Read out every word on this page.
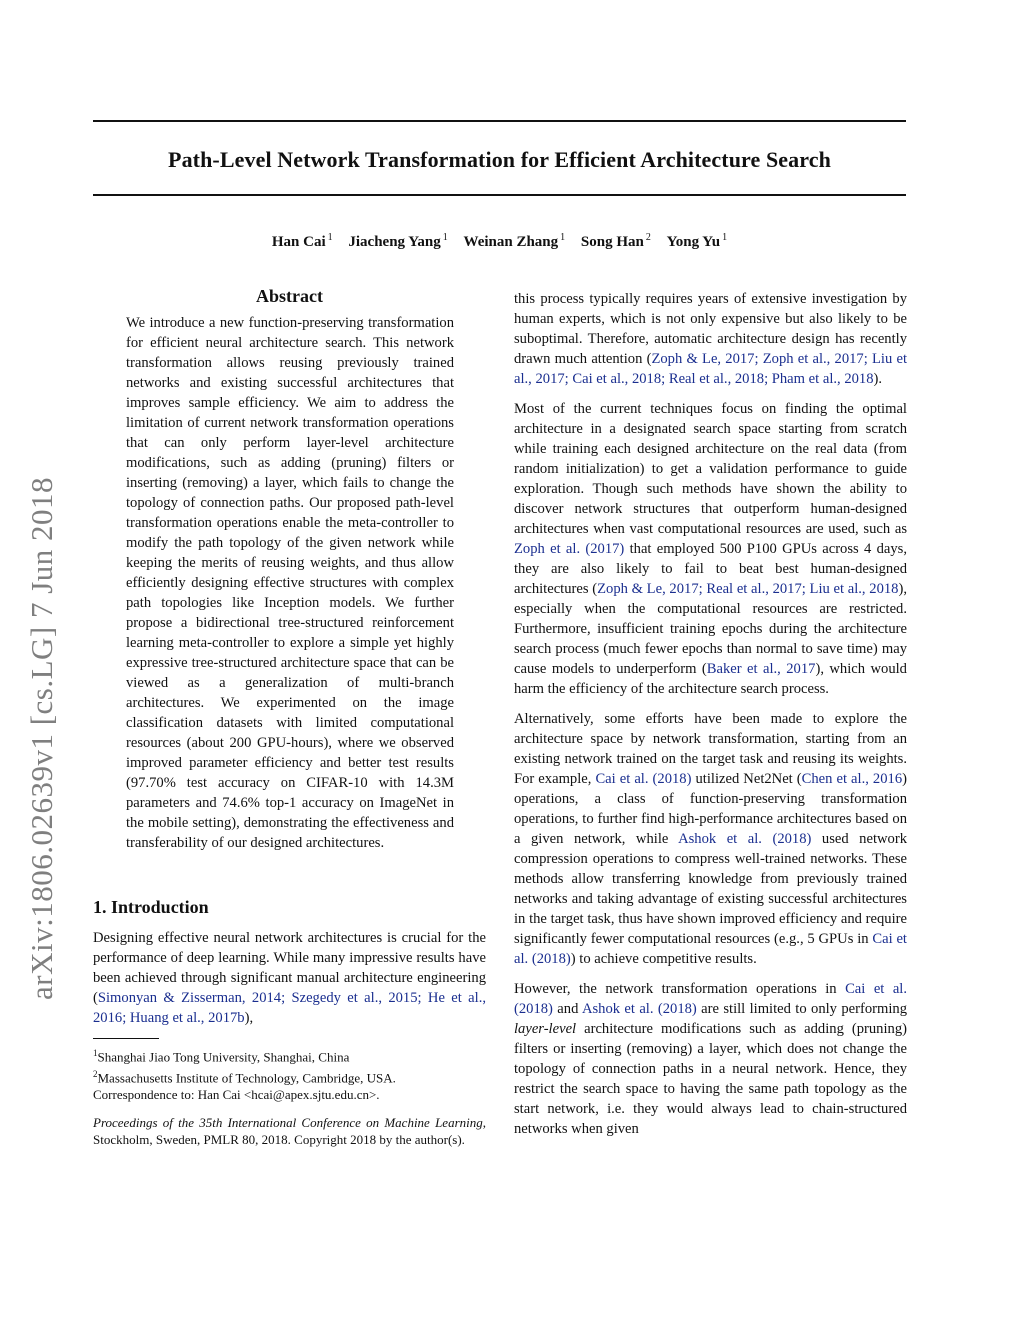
Path-Level Network Transformation for Efficient Architecture Search
Han Cai $^1$ Jiacheng Yang $^1$ Weinan Zhang $^1$ Song Han $^2$ Yong Yu $^1$
arXiv:1806.02639v1 [cs.LG] 7 Jun 2018
Abstract

We introduce a new function-preserving transformation for efficient neural architecture search. This network transformation allows reusing previously trained networks and existing successful architectures that improves sample efficiency. We aim to address the limitation of current network transformation operations that can only perform layer-level architecture modifications, such as adding (pruning) filters or inserting (removing) a layer, which fails to change the topology of connection paths. Our proposed path-level transformation operations enable the meta-controller to modify the path topology of the given network while keeping the merits of reusing weights, and thus allow efficiently designing effective structures with complex path topologies like Inception models. We further propose a bidirectional tree-structured reinforcement learning meta-controller to explore a simple yet highly expressive tree-structured architecture space that can be viewed as a generalization of multi-branch architectures. We experimented on the image classification datasets with limited computational resources (about 200 GPU-hours), where we observed improved parameter efficiency and better test results (97.70% test accuracy on CIFAR-10 with 14.3M parameters and 74.6% top-1 accuracy on ImageNet in the mobile setting), demonstrating the effectiveness and transferability of our designed architectures.

1. Introduction

Designing effective neural network architectures is crucial for the performance of deep learning. While many impressive results have been achieved through significant manual architecture engineering (Simonyan & Zisserman, 2014; Szegedy et al., 2015; He et al., 2016; Huang et al., 2017b),

$^1$Shanghai Jiao Tong University, Shanghai, China

$^2$Massachusetts Institute of Technology, Cambridge, USA.

Correspondence to: Han Cai <hcai@apex.sjtu.edu.cn>.

Proceedings of the 35th International Conference on Machine Learning, Stockholm, Sweden, PMLR 80, 2018. Copyright 2018 by the author(s).

this process typically requires years of extensive investigation by human experts, which is not only expensive but also likely to be suboptimal. Therefore, automatic architecture design has recently drawn much attention (Zoph & Le, 2017; Zoph et al., 2017; Liu et al., 2017; Cai et al., 2018; Real et al., 2018; Pham et al., 2018).

Most of the current techniques focus on finding the optimal architecture in a designated search space starting from scratch while training each designed architecture on the real data (from random initialization) to get a validation performance to guide exploration. Though such methods have shown the ability to discover network structures that outperform human-designed architectures when vast computational resources are used, such as Zoph et al. (2017) that employed 500 P100 GPUs across 4 days, they are also likely to fail to beat best human-designed architectures (Zoph & Le, 2017; Real et al., 2017; Liu et al., 2018), especially when the computational resources are restricted. Furthermore, insufficient training epochs during the architecture search process (much fewer epochs than normal to save time) may cause models to underperform (Baker et al., 2017), which would harm the efficiency of the architecture search process.

Alternatively, some efforts have been made to explore the architecture space by network transformation, starting from an existing network trained on the target task and reusing its weights. For example, Cai et al. (2018) utilized Net2Net (Chen et al., 2016) operations, a class of function-preserving transformation operations, to further find high-performance architectures based on a given network, while Ashok et al. (2018) used network compression operations to compress well-trained networks. These methods allow transferring knowledge from previously trained networks and taking advantage of existing successful architectures in the target task, thus have shown improved efficiency and require significantly fewer computational resources (e.g., 5 GPUs in Cai et al. (2018)) to achieve competitive results.

However, the network transformation operations in Cai et al. (2018) and Ashok et al. (2018) are still limited to only performing layer-level architecture modifications such as adding (pruning) filters or inserting (removing) a layer, which does not change the topology of connection paths in a neural network. Hence, they restrict the search space to having the same path topology as the start network, i.e. they would always lead to chain-structured networks when given
